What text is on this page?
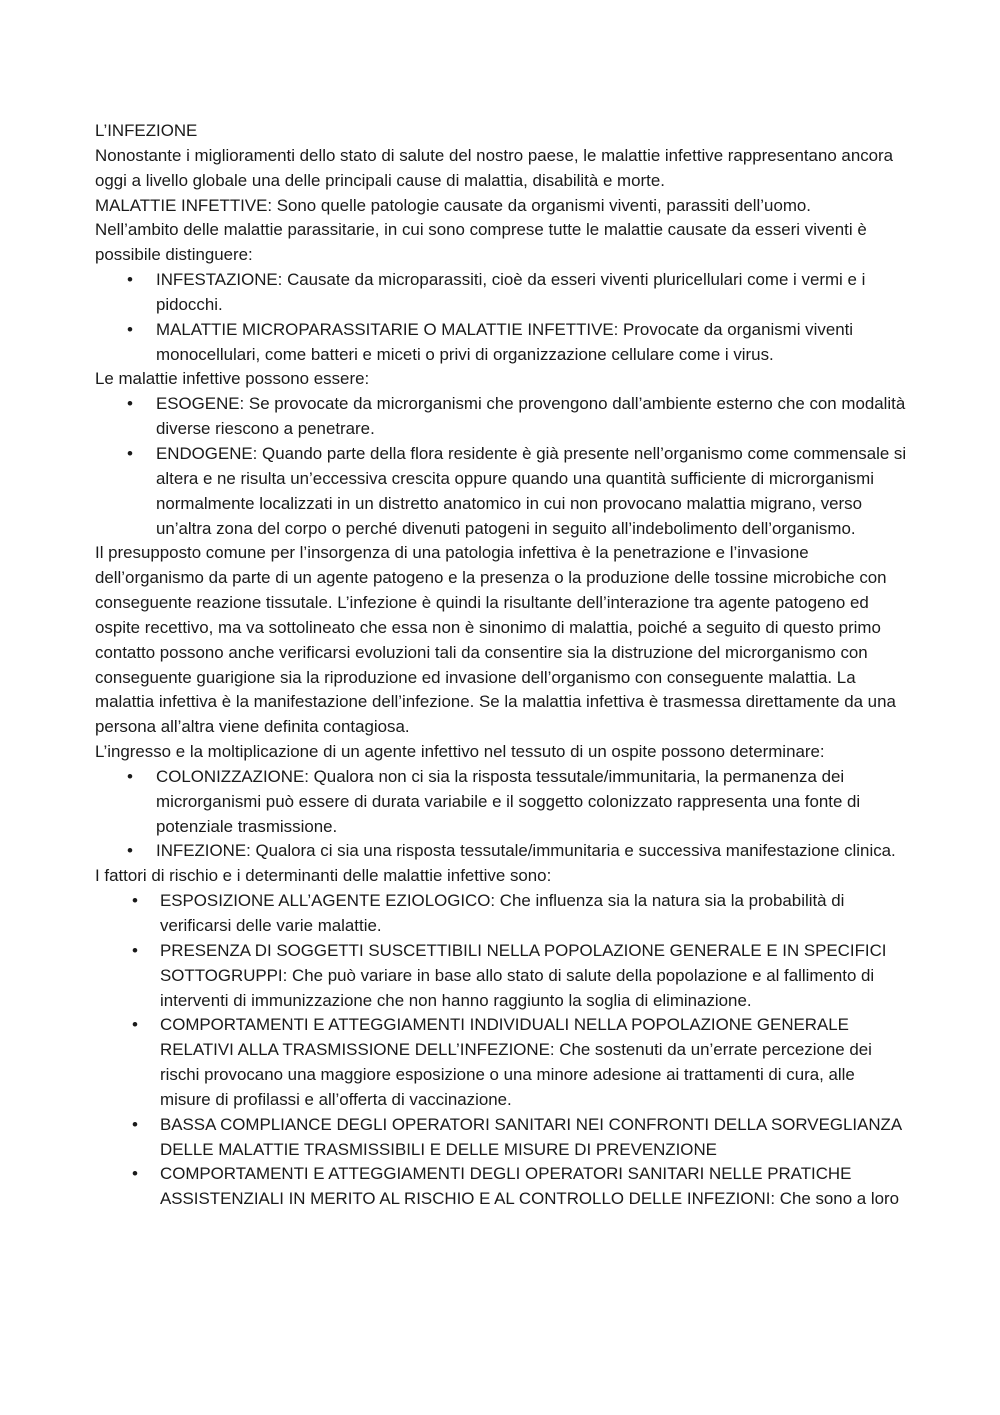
L’INFEZIONE

Nonostante i miglioramenti dello stato di salute del nostro paese, le malattie infettive rappresentano ancora oggi a livello globale una delle principali cause di malattia, disabilità e morte.

MALATTIE INFETTIVE: Sono quelle patologie causate da organismi viventi, parassiti dell’uomo.

Nell’ambito delle malattie parassitarie, in cui sono comprese tutte le malattie causate da esseri viventi è possibile distinguere:

• INFESTAZIONE: Causate da microparassiti, cioè da esseri viventi pluricellulari come i vermi e i pidocchi.
• MALATTIE MICROPARASSITARIE O MALATTIE INFETTIVE: Provocate da organismi viventi monocellulari, come batteri e miceti o privi di organizzazione cellulare come i virus.

Le malattie infettive possono essere:

• ESOGENE: Se provocate da microrganismi che provengono dall’ambiente esterno che con modalità diverse riescono a penetrare.
• ENDOGENE: Quando parte della flora residente è già presente nell’organismo come commensale si altera e ne risulta un’eccessiva crescita oppure quando una quantità sufficiente di microrganismi normalmente localizzati in un distretto anatomico in cui non provocano malattia migrano, verso un’altra zona del corpo o perché divenuti patogeni in seguito all’indebolimento dell’organismo.

Il presupposto comune per l’insorgenza di una patologia infettiva è la penetrazione e l’invasione dell’organismo da parte di un agente patogeno e la presenza o la produzione delle tossine microbiche con conseguente reazione tissutale. L’infezione è quindi la risultante dell’interazione tra agente patogeno ed ospite recettivo, ma va sottolineato che essa non è sinonimo di malattia, poiché a seguito di questo primo contatto possono anche verificarsi evoluzioni tali da consentire sia la distruzione del microrganismo con conseguente guarigione sia la riproduzione ed invasione dell’organismo con conseguente malattia. La malattia infettiva è la manifestazione dell’infezione. Se la malattia infettiva è trasmessa direttamente da una persona all’altra viene definita contagiosa.

L’ingresso e la moltiplicazione di un agente infettivo nel tessuto di un ospite possono determinare:

• COLONIZZAZIONE: Qualora non ci sia la risposta tessutale/immunitaria, la permanenza dei microrganismi può essere di durata variabile e il soggetto colonizzato rappresenta una fonte di potenziale trasmissione.
• INFEZIONE: Qualora ci sia una risposta tessutale/immunitaria e successiva manifestazione clinica.

I fattori di rischio e i determinanti delle malattie infettive sono:

• ESPOSIZIONE ALL’AGENTE EZIOLOGICO: Che influenza sia la natura sia la probabilità di verificarsi delle varie malattie.
• PRESENZA DI SOGGETTI SUSCETTIBILI NELLA POPOLAZIONE GENERALE E IN SPECIFICI SOTTOGRUPPI: Che può variare in base allo stato di salute della popolazione e al fallimento di interventi di immunizzazione che non hanno raggiunto la soglia di eliminazione.
• COMPORTAMENTI E ATTEGGIAMENTI INDIVIDUALI NELLA POPOLAZIONE GENERALE RELATIVI ALLA TRASMISSIONE DELL’INFEZIONE: Che sostenuti da un’errate percezione dei rischi provocano una maggiore esposizione o una minore adesione ai trattamenti di cura, alle misure di profilassi e all’offerta di vaccinazione.
• BASSA COMPLIANCE DEGLI OPERATORI SANITARI NEI CONFRONTI DELLA SORVEGLIANZA DELLE MALATTIE TRASMISSIBILI E DELLE MISURE DI PREVENZIONE
• COMPORTAMENTI E ATTEGGIAMENTI DEGLI OPERATORI SANITARI NELLE PRATICHE ASSISTENZIALI IN MERITO AL RISCHIO E AL CONTROLLO DELLE INFEZIONI: Che sono a loro
